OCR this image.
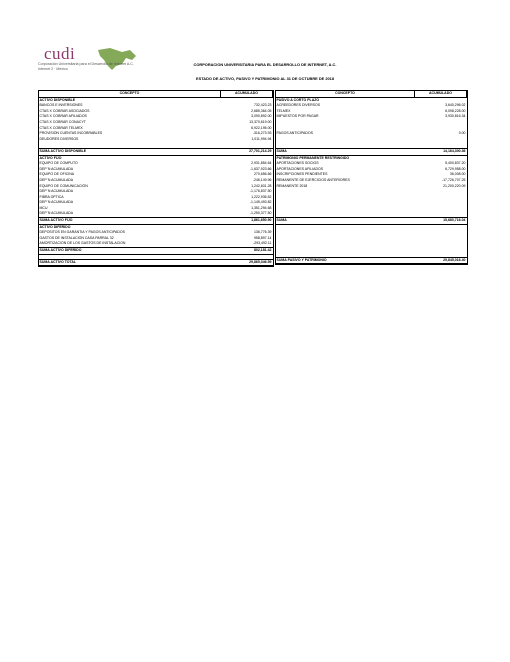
cudi
Corporación Universitaria para el Desarrollo de Internet A.C.
Internet 2 · México
CORPORACION UNIVERSITARIA PARA EL DESARROLLO DE INTERNET, A.C.
ESTADO DE ACTIVO, PASIVO Y PATRIMONIO AL 31 DE OCTUBRE DE 2018
CONCEPTO	ACUMULADO
ACTIVO DISPONIBLE	
BANCOS E INVERSIONES	732,423.23
CTAS X COBRAR ASOCIADOS	2,685,364.05
CTAS X COBRAR AFILIADOS	3,090,892.00
CTAS X COBRAR CONACYT	13,370,619.00
CTAS X COBRAR TELMEX	6,922,195.00
PROVISION CUENTAS INCOBRABLES	-316,273.93
DEUDORES DIVERSOS	1,011,994.94

SUMA ACTIVO DISPONIBLE	27,701,214.29
ACTIVO FIJO	
EQUIPO DE COMPUTO	2,931,854.64
DEP´N ACUMULADA	-1,637,923.66
EQUIPO DE OFICINA	270,656.66
DEP´N ACUMULADA	-246,149.96
EQUIPO DE COMUNICACIÓN	1,242,601.28
DEP´N ACUMULADA	-1,176,837.50
FIBRA OPTICA	1,222,936.52
DEP´N ACUMULADA	-1,145,493.82
MCU	1,351,294.68
DEP´N ACUMULADA	-1,250,377.50
SUMA ACTIVO FIJO	1,861,650.90
ACTIVO DIFERIDO	
DEPOSITOS EN GARANTIA Y PAGOS ANTICIPADOS	136,776.39
GASTOS DE INSTALACIÓN CASA PARRAL 32	958,897.14
AMORTIZACIÓN DE LOS GASTOS DE INSTALACION	-293,492.11
SUMA ACTIVO DIFERIDO	802,181.42

SUMA ACTIVO TOTAL	29,865,046.59
CONCEPTO	ACUMULADO
PASIVO A CORTO PLAZO	
ACREEDORES DIVERSOS	3,640,296.02
TELMEX	6,098,228.00
IMPUESTOS POR PAGAR	3,930,816.34

PAGOS ANTICIPADOS	0.00

SUMA	14,164,300.36
PATRIMONIO PERMANENTE RESTRINGIDO	
APORTACIONES SOCIOS	5,400,837.20
APORTACIONES AFILIADOS	6,729,958.00
INSCRIPCIONES PENDIENTES	36,008.00
REMANENTE DE EJERCICIOS ANTERIORES	-17,726,707.25
REMANENTE 2018	21,200,220.09

SUMA	15,680,716.04

SUMA PASIVO Y PATRIMONIO	29,845,016.40
